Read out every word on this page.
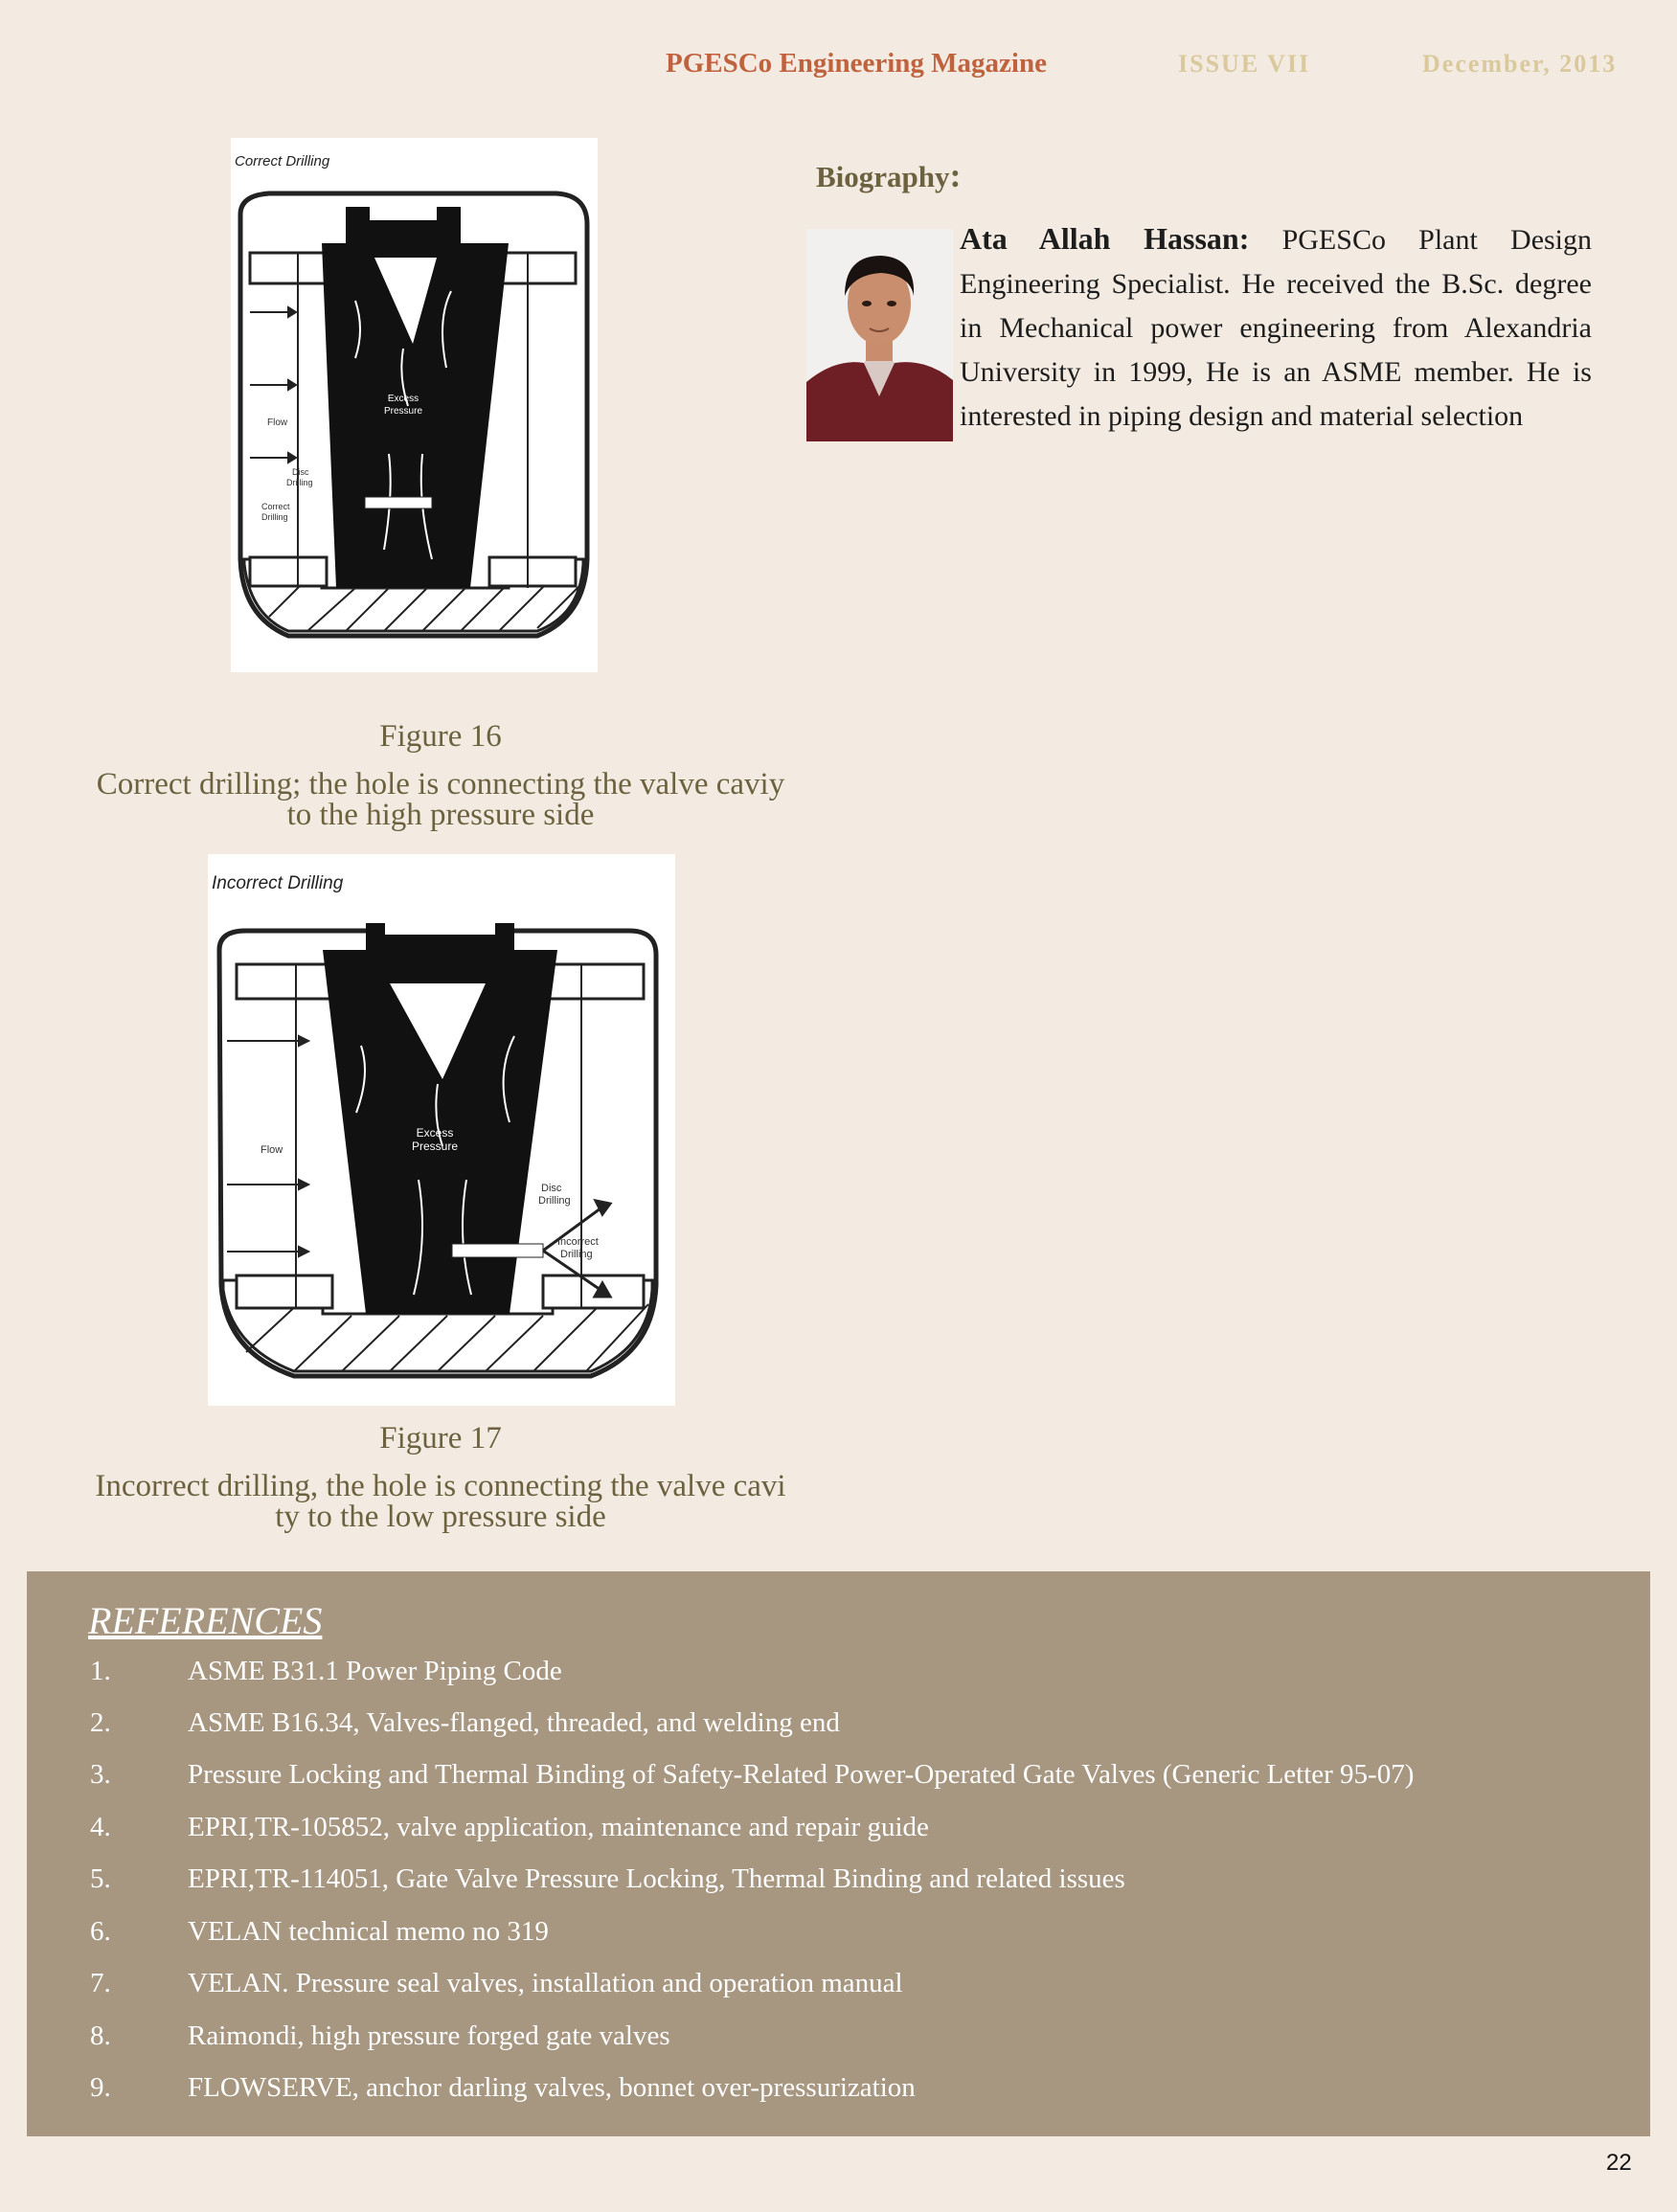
PGESCo Engineering Magazine	ISSUE VII	December, 2013
Correct Drilling
Excess
Pressure
Flow
Disc
Drilling
Correct
Drilling
Figure 16
Correct drilling; the hole is connecting the valve caviy
to the high pressure side
Incorrect Drilling
Excess
Pressure
Flow
Disc
Drilling
Incorrect
Drilling
Figure 17
Incorrect drilling, the hole is connecting the valve cavi
ty to the low pressure side
Biography:
Ata Allah Hassan: PGESCo Plant Design Engineering Specialist. He received the B.Sc. degree in Mechanical power engineering from Alexandria University in 1999, He is an ASME member. He is interested in piping design and material selection
REFERENCES
1.	ASME B31.1 Power Piping Code
2.	ASME B16.34, Valves-flanged, threaded, and welding end
3.	Pressure Locking and Thermal Binding of Safety-Related Power-Operated Gate Valves (Generic Letter 95-07)
4.	EPRI,TR-105852, valve application, maintenance and repair guide
5.	EPRI,TR-114051, Gate Valve Pressure Locking, Thermal Binding and related issues
6.	VELAN technical memo no 319
7.	VELAN. Pressure seal valves, installation and operation manual
8.	Raimondi, high pressure forged gate valves
9.	FLOWSERVE, anchor darling valves, bonnet over-pressurization
22
